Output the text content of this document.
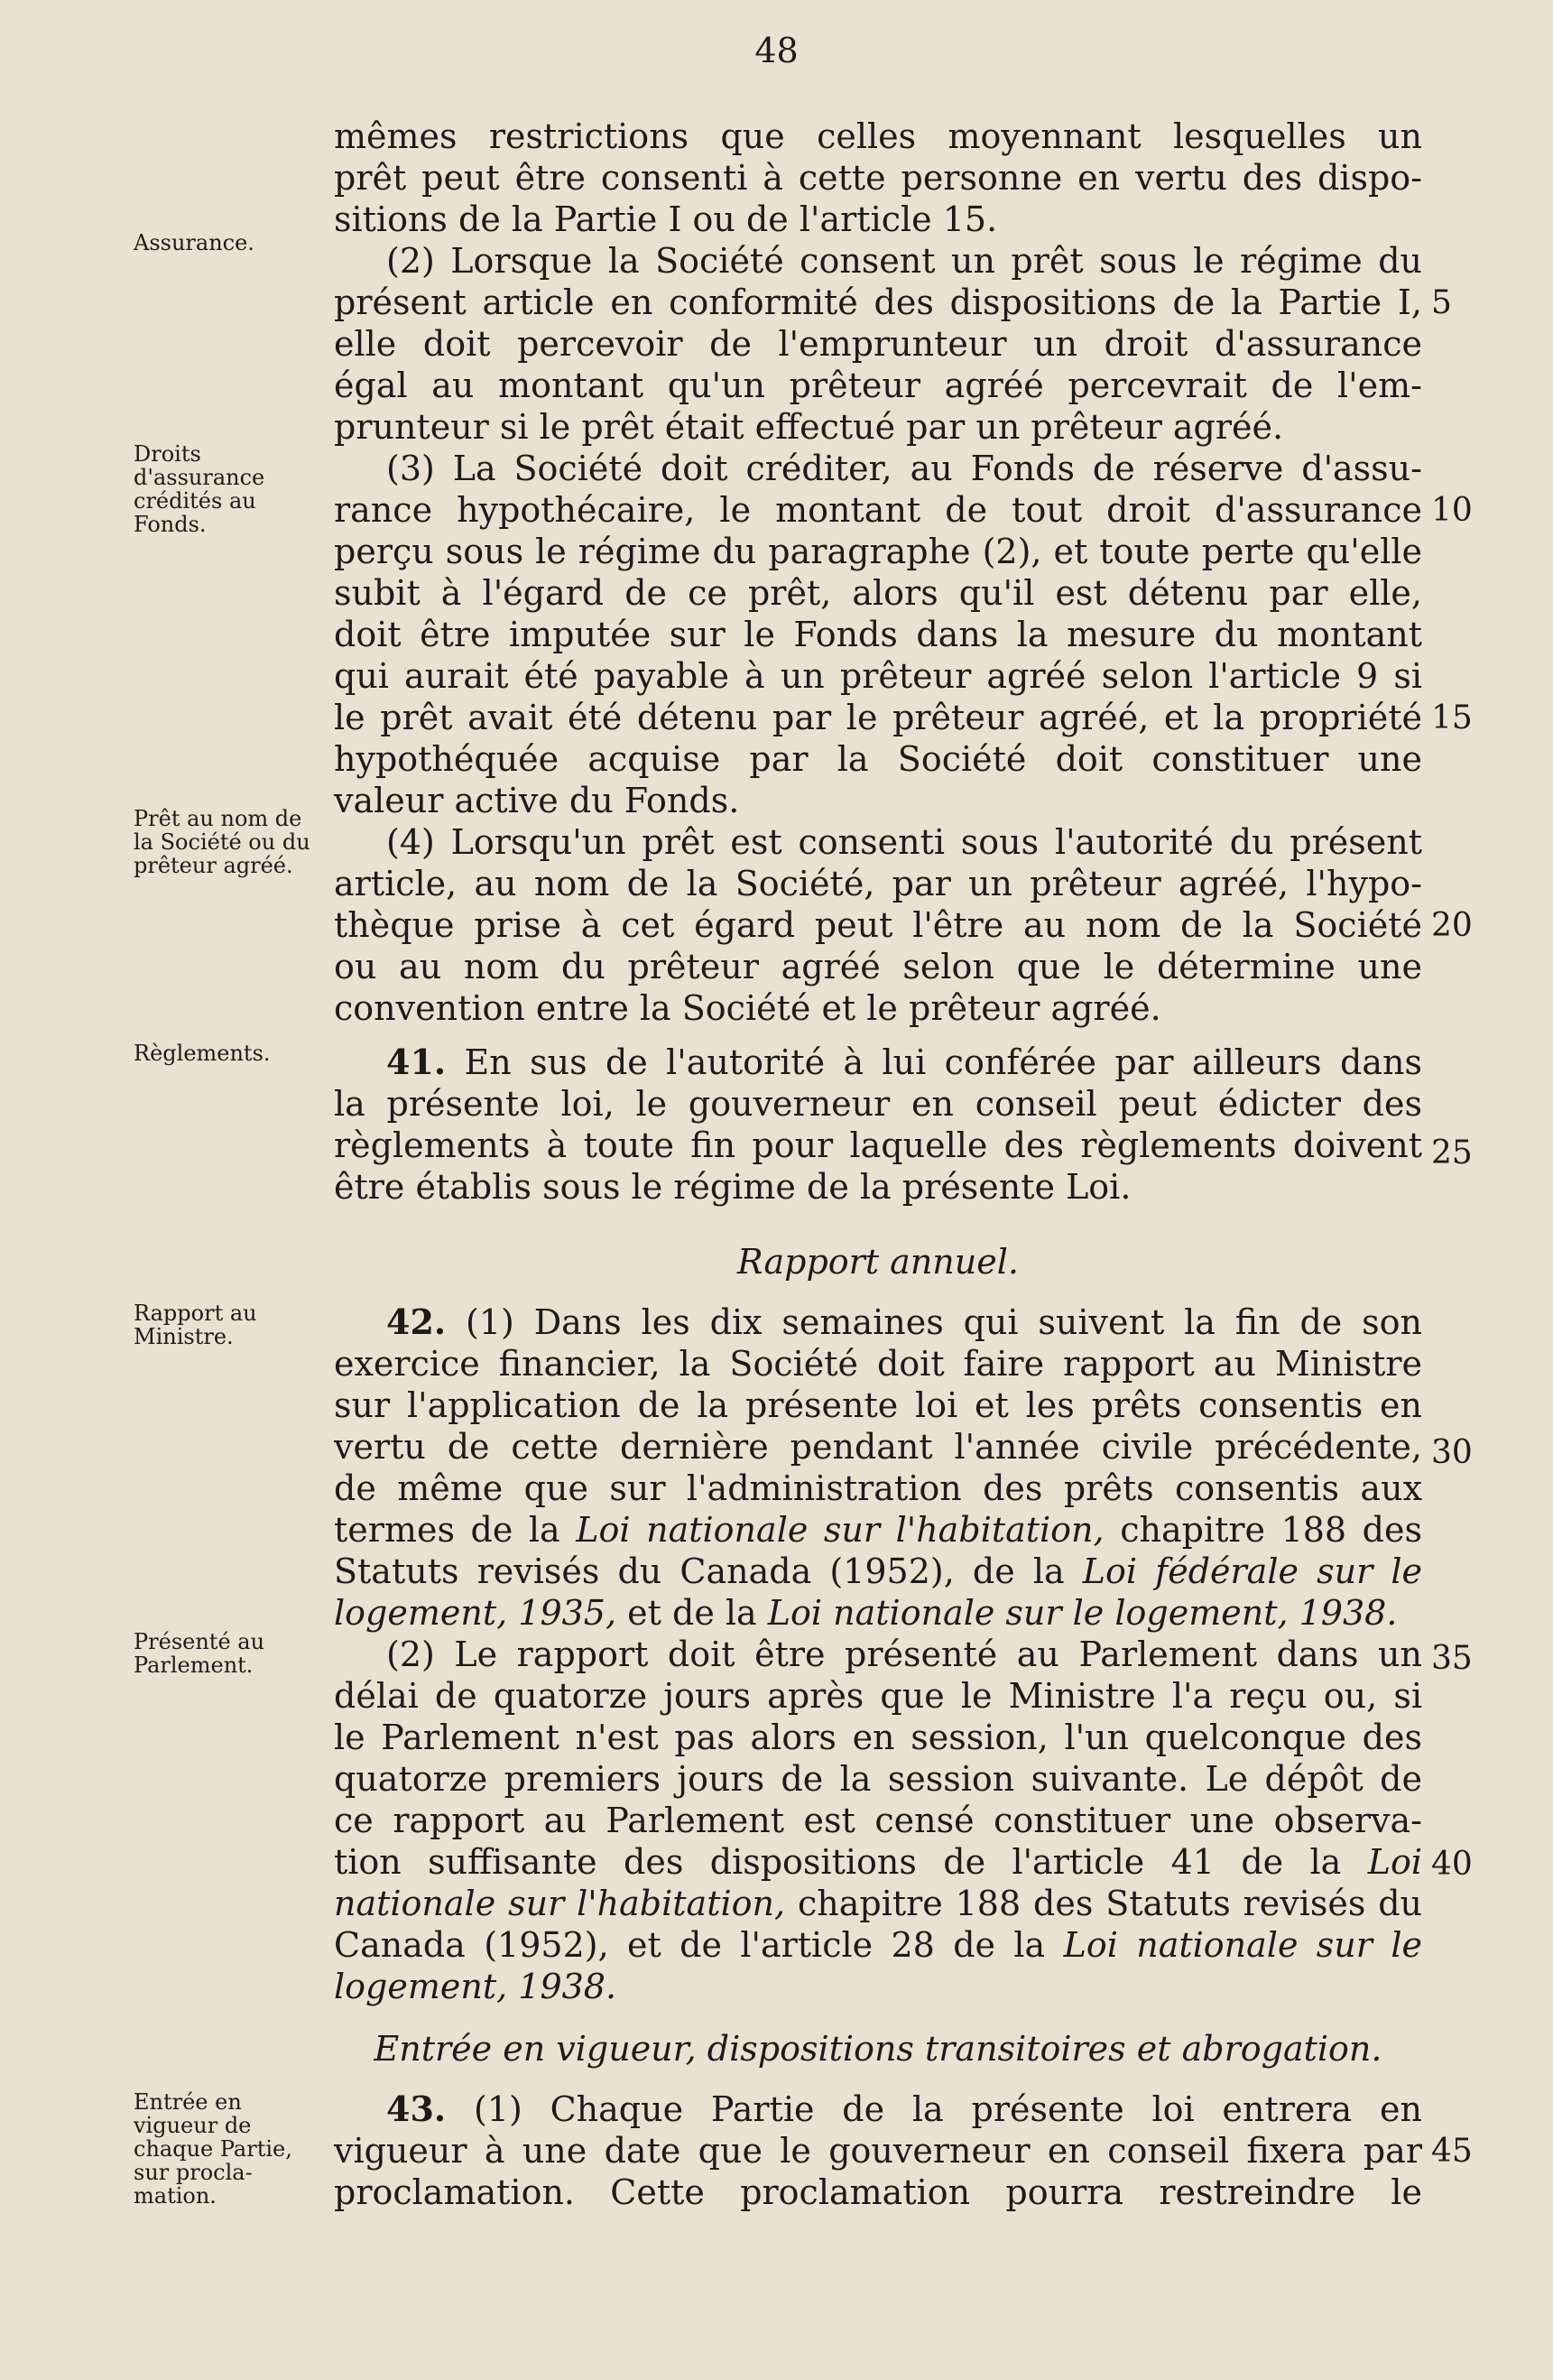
48
Assurance.
Droits d'assurance crédités au Fonds.
Prêt au nom de la Société ou du prêteur agréé.
Règlements.
Rapport au Ministre.
Présenté au Parlement.
Entrée en vigueur de chaque Partie, sur procla-mation.
mêmes restrictions que celles moyennant lesquelles un
prêt peut être consenti à cette personne en vertu des dispo-
sitions de la Partie I ou de l'article 15.
(2) Lorsque la Société consent un prêt sous le régime du
présent article en conformité des dispositions de la Partie I,
elle doit percevoir de l'emprunteur un droit d'assurance
égal au montant qu'un prêteur agréé percevrait de l'em-
prunteur si le prêt était effectué par un prêteur agréé.
(3) La Société doit créditer, au Fonds de réserve d'assu-
rance hypothécaire, le montant de tout droit d'assurance
perçu sous le régime du paragraphe (2), et toute perte qu'elle
subit à l'égard de ce prêt, alors qu'il est détenu par elle,
doit être imputée sur le Fonds dans la mesure du montant
qui aurait été payable à un prêteur agréé selon l'article 9 si
le prêt avait été détenu par le prêteur agréé, et la propriété
hypothéquée acquise par la Société doit constituer une
valeur active du Fonds.
(4) Lorsqu'un prêt est consenti sous l'autorité du présent
article, au nom de la Société, par un prêteur agréé, l'hypo-
thèque prise à cet égard peut l'être au nom de la Société
ou au nom du prêteur agréé selon que le détermine une
convention entre la Société et le prêteur agréé.
41. En sus de l'autorité à lui conférée par ailleurs dans
la présente loi, le gouverneur en conseil peut édicter des
règlements à toute fin pour laquelle des règlements doivent
être établis sous le régime de la présente Loi.
Rapport annuel.
42. (1) Dans les dix semaines qui suivent la fin de son
exercice financier, la Société doit faire rapport au Ministre
sur l'application de la présente loi et les prêts consentis en
vertu de cette dernière pendant l'année civile précédente,
de même que sur l'administration des prêts consentis aux
termes de la Loi nationale sur l'habitation, chapitre 188 des
Statuts revisés du Canada (1952), de la Loi fédérale sur le
logement, 1935, et de la Loi nationale sur le logement, 1938.
(2) Le rapport doit être présenté au Parlement dans un
délai de quatorze jours après que le Ministre l'a reçu ou, si
le Parlement n'est pas alors en session, l'un quelconque des
quatorze premiers jours de la session suivante. Le dépôt de
ce rapport au Parlement est censé constituer une observa-
tion suffisante des dispositions de l'article 41 de la Loi
nationale sur l'habitation, chapitre 188 des Statuts revisés du
Canada (1952), et de l'article 28 de la Loi nationale sur le
logement, 1938.
Entrée en vigueur, dispositions transitoires et abrogation.
43. (1) Chaque Partie de la présente loi entrera en
vigueur à une date que le gouverneur en conseil fixera par
proclamation. Cette proclamation pourra restreindre le
5
10
15
20
25
30
35
40
45
